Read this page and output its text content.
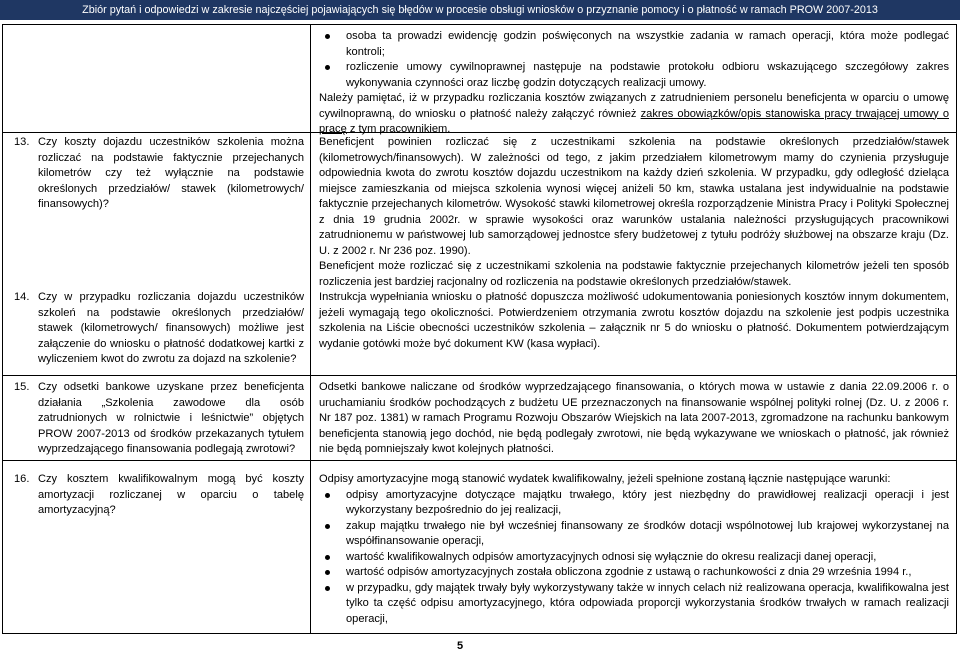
Zbiór pytań i odpowiedzi w zakresie najczęściej pojawiających się błędów w procesie obsługi wniosków o przyznanie pomocy i o płatność w ramach PROW 2007-2013
osoba ta prowadzi ewidencję godzin poświęconych na wszystkie zadania w ramach operacji, która może podlegać kontroli;
rozliczenie umowy cywilnoprawnej następuje na podstawie protokołu odbioru wskazującego szczegółowy zakres wykonywania czynności oraz liczbę godzin dotyczących realizacji umowy.

Należy pamiętać, iż w przypadku rozliczania kosztów związanych z zatrudnieniem personelu beneficjenta w oparciu o umowę cywilnoprawną, do wniosku o płatność należy załączyć również zakres obowiązków/opis stanowiska pracy trwającej umowy o pracę z tym pracownikiem.

13. Czy koszty dojazdu uczestników szkolenia można rozliczać na podstawie faktycznie przejechanych kilometrów czy też wyłącznie na podstawie określonych przedziałów/ stawek (kilometrowych/ finansowych)?

Beneficjent powinien rozliczać się z uczestnikami szkolenia na podstawie określonych przedziałów/stawek (kilometrowych/finansowych). W zależności od tego, z jakim przedziałem kilometrowym mamy do czynienia przysługuje odpowiednia kwota do zwrotu kosztów dojazdu uczestnikom na każdy dzień szkolenia. W przypadku, gdy odległość dzieląca miejsce zamieszkania od miejsca szkolenia wynosi więcej aniżeli 50 km, stawka ustalana jest indywidualnie na podstawie faktycznie przejechanych kilometrów. Wysokość stawki kilometrowej określa rozporządzenie Ministra Pracy i Polityki Społecznej z dnia 19 grudnia 2002r. w sprawie wysokości oraz warunków ustalania należności przysługujących pracownikowi zatrudnionemu w państwowej lub samorządowej jednostce sfery budżetowej z tytułu podróży służbowej na obszarze kraju (Dz. U. z 2002 r. Nr 236 poz. 1990).

Beneficjent może rozliczać się z uczestnikami szkolenia na podstawie faktycznie przejechanych kilometrów jeżeli ten sposób rozliczenia jest bardziej racjonalny od rozliczenia na podstawie określonych przedziałów/stawek.

14. Czy w przypadku rozliczania dojazdu uczestników szkoleń na podstawie określonych przedziałów/ stawek (kilometrowych/ finansowych) możliwe jest załączenie do wniosku o płatność dodatkowej kartki z wyliczeniem kwot do zwrotu za dojazd na szkolenie?

Instrukcja wypełniania wniosku o płatność dopuszcza możliwość udokumentowania poniesionych kosztów innym dokumentem, jeżeli wymagają tego okoliczności. Potwierdzeniem otrzymania zwrotu kosztów dojazdu na szkolenie jest podpis uczestnika szkolenia na Liście obecności uczestników szkolenia – załącznik nr 5 do wniosku o płatność. Dokumentem potwierdzającym wydanie gotówki może być dokument KW (kasa wypłaci).

15. Czy odsetki bankowe uzyskane przez beneficjenta działania „Szkolenia zawodowe dla osób zatrudnionych w rolnictwie i leśnictwie” objętych PROW 2007-2013 od środków przekazanych tytułem wyprzedzającego finansowania podlegają zwrotowi?

Odsetki bankowe naliczane od środków wyprzedzającego finansowania, o których mowa w ustawie z dania 22.09.2006 r. o uruchamianiu środków pochodzących z budżetu UE przeznaczonych na finansowanie wspólnej polityki rolnej (Dz. U. z 2006 r. Nr 187 poz. 1381) w ramach Programu Rozwoju Obszarów Wiejskich na lata 2007-2013, zgromadzone na rachunku bankowym beneficjenta stanowią jego dochód, nie będą podlegały zwrotowi, nie będą wykazywane we wnioskach o płatność, jak również nie będą pomniejszały kwot kolejnych płatności.

16. Czy kosztem kwalifikowalnym mogą być koszty amortyzacji rozliczanej w oparciu o tabelę amortyzacyjną?

Odpisy amortyzacyjne mogą stanowić wydatek kwalifikowalny, jeżeli spełnione zostaną łącznie następujące warunki:

odpisy amortyzacyjne dotyczące majątku trwałego, który jest niezbędny do prawidłowej realizacji operacji i jest wykorzystany bezpośrednio do jej realizacji,
zakup majątku trwałego nie był wcześniej finansowany ze środków dotacji wspólnotowej lub krajowej wykorzystanej na współfinansowanie operacji,
wartość kwalifikowalnych odpisów amortyzacyjnych odnosi się wyłącznie do okresu realizacji danej operacji,
wartość odpisów amortyzacyjnych została obliczona zgodnie z ustawą o rachunkowości z dnia 29 września 1994 r.,
w przypadku, gdy majątek trwały były wykorzystywany także w innych celach niż realizowana operacja, kwalifikowalna jest tylko ta część odpisu amortyzacyjnego, która odpowiada proporcji wykorzystania środków trwałych w ramach realizacji operacji,
5
